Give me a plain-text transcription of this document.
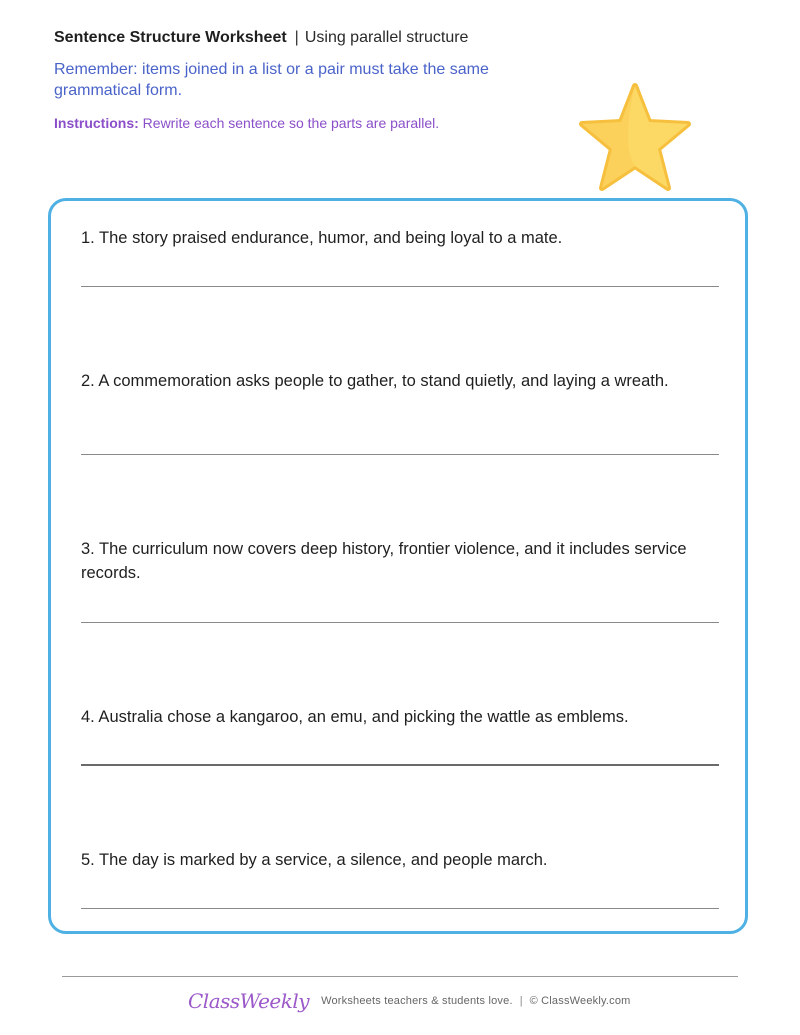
Sentence Structure Worksheet | Using parallel structure
Remember: items joined in a list or a pair must take the same grammatical form.
Instructions: Rewrite each sentence so the parts are parallel.
1. The story praised endurance, humor, and being loyal to a mate.
2. A commemoration asks people to gather, to stand quietly, and laying a wreath.
3. The curriculum now covers deep history, frontier violence, and it includes service records.
4. Australia chose a kangaroo, an emu, and picking the wattle as emblems.
5. The day is marked by a service, a silence, and people march.
ClassWeekly Worksheets teachers & students love. | © ClassWeekly.com
